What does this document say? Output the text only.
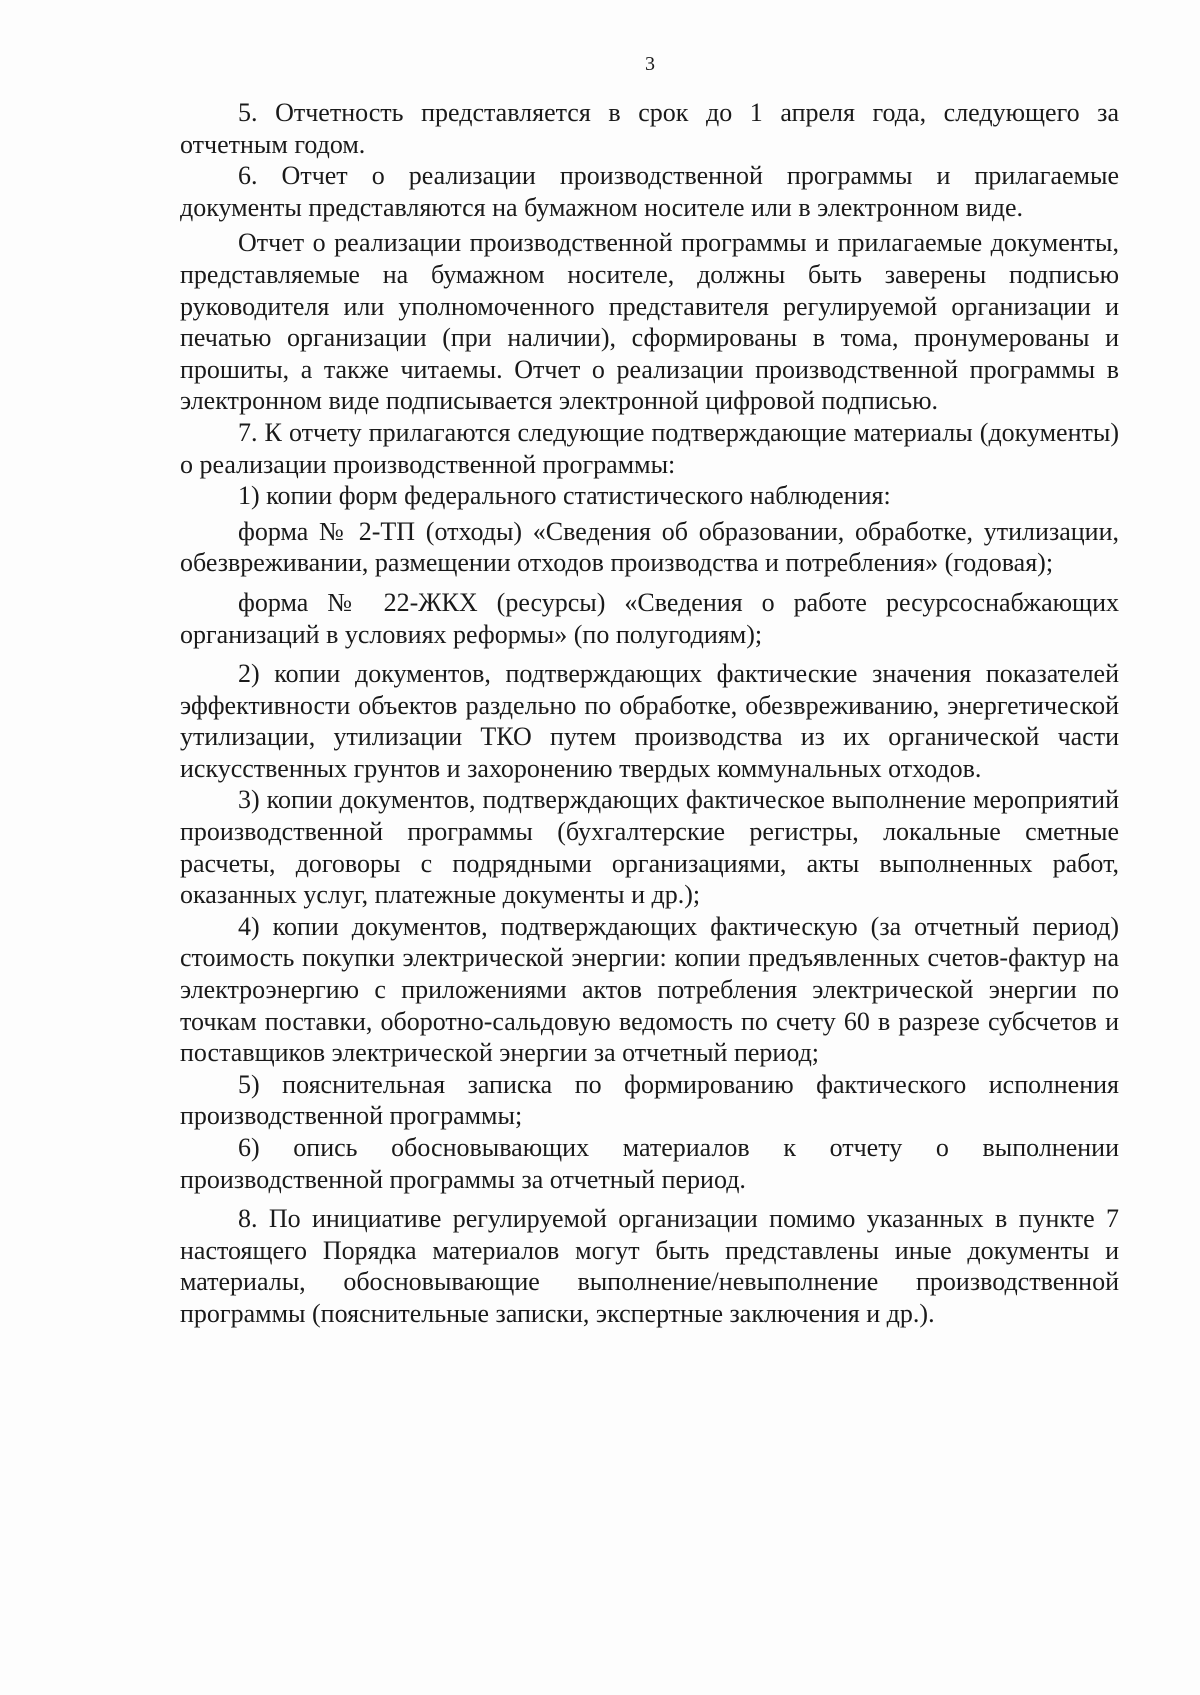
3

5. Отчетность представляется в срок до 1 апреля года, следующего за отчетным годом.

6. Отчет о реализации производственной программы и прилагаемые документы представляются на бумажном носителе или в электронном виде.

Отчет о реализации производственной программы и прилагаемые документы, представляемые на бумажном носителе, должны быть заверены подписью руководителя или уполномоченного представителя регулируемой организации и печатью организации (при наличии), сформированы в тома, пронумерованы и прошиты, а также читаемы. Отчет о реализации производственной программы в электронном виде подписывается электронной цифровой подписью.

7. К отчету прилагаются следующие подтверждающие материалы (документы) о реализации производственной программы:

1) копии форм федерального статистического наблюдения:

форма № 2-ТП (отходы) «Сведения об образовании, обработке, утилизации, обезвреживании, размещении отходов производства и потребления» (годовая);

форма № 22-ЖКХ (ресурсы) «Сведения о работе ресурсоснабжающих организаций в условиях реформы» (по полугодиям);

2) копии документов, подтверждающих фактические значения показателей эффективности объектов раздельно по обработке, обезвреживанию, энергетической утилизации, утилизации ТКО путем производства из их органической части искусственных грунтов и захоронению твердых коммунальных отходов.

3) копии документов, подтверждающих фактическое выполнение мероприятий производственной программы (бухгалтерские регистры, локальные сметные расчеты, договоры с подрядными организациями, акты выполненных работ, оказанных услуг, платежные документы и др.);

4) копии документов, подтверждающих фактическую (за отчетный период) стоимость покупки электрической энергии: копии предъявленных счетов-фактур на электроэнергию с приложениями актов потребления электрической энергии по точкам поставки, оборотно-сальдовую ведомость по счету 60 в разрезе субсчетов и поставщиков электрической энергии за отчетный период;

5) пояснительная записка по формированию фактического исполнения производственной программы;

6) опись обосновывающих материалов к отчету о выполнении производственной программы за отчетный период.

8. По инициативе регулируемой организации помимо указанных в пункте 7 настоящего Порядка материалов могут быть представлены иные документы и материалы, обосновывающие выполнение/невыполнение производственной программы (пояснительные записки, экспертные заключения и др.).
